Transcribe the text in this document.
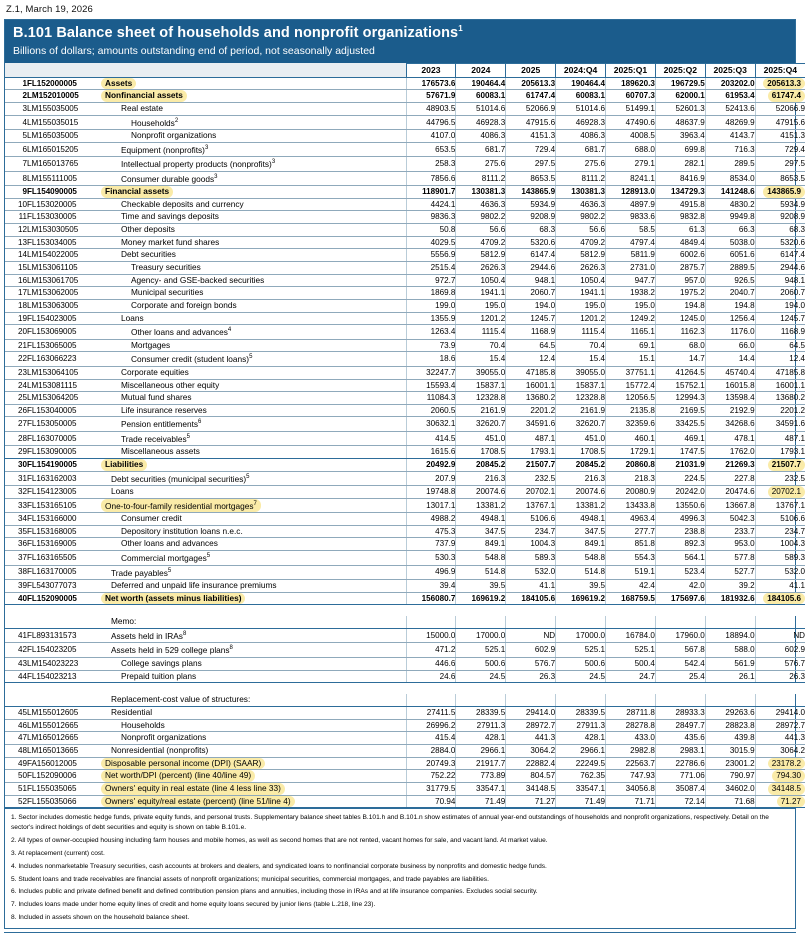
Z.1, March 19, 2026
B.101 Balance sheet of households and nonprofit organizations$^1$
Billions of dollars; amounts outstanding end of period, not seasonally adjusted
			2023	2024	2025	2024:Q4	2025:Q1	2025:Q2	2025:Q3	2025:Q4
1	FL152000005	Assets	176573.6	190464.4	205613.3	190464.4	189620.3	196729.5	203202.0	205613.3
2	LM152010005	Nonfinancial assets	57671.9	60083.1	61747.4	60083.1	60707.3	62000.1	61953.4	61747.4
3	LM155035005	Real estate	48903.5	51014.6	52066.9	51014.6	51499.1	52601.3	52413.6	52066.9
4	LM155035015	Households$^2$	44796.5	46928.3	47915.6	46928.3	47490.6	48637.9	48269.9	47915.6
5	LM165035005	Nonprofit organizations	4107.0	4086.3	4151.3	4086.3	4008.5	3963.4	4143.7	4151.3
6	LM165015205	Equipment (nonprofits)$^3$	653.5	681.7	729.4	681.7	688.0	699.8	716.3	729.4
7	LM165013765	Intellectual property products (nonprofits)$^3$	258.3	275.6	297.5	275.6	279.1	282.1	289.5	297.5
8	LM155111005	Consumer durable goods$^3$	7856.6	8111.2	8653.5	8111.2	8241.1	8416.9	8534.0	8653.5
9	FL154090005	Financial assets	118901.7	130381.3	143865.9	130381.3	128913.0	134729.3	141248.6	143865.9
10	FL153020005	Checkable deposits and currency	4424.1	4636.3	5934.9	4636.3	4897.9	4915.8	4830.2	5934.9
11	FL153030005	Time and savings deposits	9836.3	9802.2	9208.9	9802.2	9833.6	9832.8	9949.8	9208.9
12	LM153030505	Other deposits	50.8	56.6	68.3	56.6	58.5	61.3	66.3	68.3
13	FL153034005	Money market fund shares	4029.5	4709.2	5320.6	4709.2	4797.4	4849.4	5038.0	5320.6
14	LM154022005	Debt securities	5556.9	5812.9	6147.4	5812.9	5811.9	6002.6	6051.6	6147.4
15	LM153061105	Treasury securities	2515.4	2626.3	2944.6	2626.3	2731.0	2875.7	2889.5	2944.6
16	LM153061705	Agency- and GSE-backed securities	972.7	1050.4	948.1	1050.4	947.7	957.0	926.5	948.1
17	LM153062005	Municipal securities	1869.8	1941.1	2060.7	1941.1	1938.2	1975.2	2040.7	2060.7
18	LM153063005	Corporate and foreign bonds	199.0	195.0	194.0	195.0	195.0	194.8	194.8	194.0
19	FL154023005	Loans	1355.9	1201.2	1245.7	1201.2	1249.2	1245.0	1256.4	1245.7
20	FL153069005	Other loans and advances$^4$	1263.4	1115.4	1168.9	1115.4	1165.1	1162.3	1176.0	1168.9
21	FL153065005	Mortgages	73.9	70.4	64.5	70.4	69.1	68.0	66.0	64.5
22	FL163066223	Consumer credit (student loans)$^5$	18.6	15.4	12.4	15.4	15.1	14.7	14.4	12.4
23	LM153064105	Corporate equities	32247.7	39055.0	47185.8	39055.0	37751.1	41264.5	45740.4	47185.8
24	LM153081115	Miscellaneous other equity	15593.4	15837.1	16001.1	15837.1	15772.4	15752.1	16015.8	16001.1
25	LM153064205	Mutual fund shares	11084.3	12328.8	13680.2	12328.8	12056.5	12994.3	13598.4	13680.2
26	FL153040005	Life insurance reserves	2060.5	2161.9	2201.2	2161.9	2135.8	2169.5	2192.9	2201.2
27	FL153050005	Pension entitlements$^6$	30632.1	32620.7	34591.6	32620.7	32359.6	33425.5	34268.6	34591.6
28	FL163070005	Trade receivables$^5$	414.5	451.0	487.1	451.0	460.1	469.1	478.1	487.1
29	FL153090005	Miscellaneous assets	1615.6	1708.5	1793.1	1708.5	1729.1	1747.5	1762.0	1793.1
30	FL154190005	Liabilities	20492.9	20845.2	21507.7	20845.2	20860.8	21031.9	21269.3	21507.7
31	FL163162003	Debt securities (municipal securities)$^5$	207.9	216.3	232.5	216.3	218.3	224.5	227.8	232.5
32	FL154123005	Loans	19748.8	20074.6	20702.1	20074.6	20080.9	20242.0	20474.6	20702.1
33	FL153165105	One-to-four-family residential mortgages$^7$	13017.1	13381.2	13767.1	13381.2	13433.8	13550.6	13667.8	13767.1
34	FL153166000	Consumer credit	4988.2	4948.1	5106.6	4948.1	4963.4	4996.3	5042.3	5106.6
35	FL153168005	Depository institution loans n.e.c.	475.3	347.5	234.7	347.5	277.7	238.8	233.7	234.7
36	FL153169005	Other loans and advances	737.9	849.1	1004.3	849.1	851.8	892.3	953.0	1004.3
37	FL163165505	Commercial mortgages$^5$	530.3	548.8	589.3	548.8	554.3	564.1	577.8	589.3
38	FL163170005	Trade payables$^5$	496.9	514.8	532.0	514.8	519.1	523.4	527.7	532.0
39	FL543077073	Deferred and unpaid life insurance premiums	39.4	39.5	41.1	39.5	42.4	42.0	39.2	41.1
40	FL152090005	Net worth (assets minus liabilities)	156080.7	169619.2	184105.6	169619.2	168759.5	175697.6	181932.6	184105.6

		Memo:								
41	FL893131573	Assets held in IRAs$^8$	15000.0	17000.0	ND	17000.0	16784.0	17960.0	18894.0	ND
42	FL154023205	Assets held in 529 college plans$^8$	471.2	525.1	602.9	525.1	525.1	567.8	588.0	602.9
43	LM154023223	College savings plans	446.6	500.6	576.7	500.6	500.4	542.4	561.9	576.7
44	FL154023213	Prepaid tuition plans	24.6	24.5	26.3	24.5	24.7	25.4	26.1	26.3

		Replacement-cost value of structures:								
45	LM155012605	Residential	27411.5	28339.5	29414.0	28339.5	28711.8	28933.3	29263.6	29414.0
46	LM155012665	Households	26996.2	27911.3	28972.7	27911.3	28278.8	28497.7	28823.8	28972.7
47	LM165012665	Nonprofit organizations	415.4	428.1	441.3	428.1	433.0	435.6	439.8	441.3
48	LM165013665	Nonresidential (nonprofits)	2884.0	2966.1	3064.2	2966.1	2982.8	2983.1	3015.9	3064.2
49	FA156012005	Disposable personal income (DPI) (SAAR)	20749.3	21917.7	22882.4	22249.5	22563.7	22786.6	23001.2	23178.2
50	FL152090006	Net worth/DPI (percent) (line 40/line 49)	752.22	773.89	804.57	762.35	747.93	771.06	790.97	794.30
51	FL155035065	Owners' equity in real estate (line 4 less line 33)	31779.5	33547.1	34148.5	33547.1	34056.8	35087.4	34602.0	34148.5
52	FL155035066	Owners' equity/real estate (percent) (line 51/line 4)	70.94	71.49	71.27	71.49	71.71	72.14	71.68	71.27

1. Sector includes domestic hedge funds, private equity funds, and personal trusts. Supplementary balance sheet tables B.101.h and B.101.n show estimates of annual year-end outstandings of households and nonprofit organizations, respectively. Detail on the sector's indirect holdings of debt securities and equity is shown on table B.101.e.

2. All types of owner-occupied housing including farm houses and mobile homes, as well as second homes that are not rented, vacant homes for sale, and vacant land. At market value.

3. At replacement (current) cost.

4. Includes nonmarketable Treasury securities, cash accounts at brokers and dealers, and syndicated loans to nonfinancial corporate business by nonprofits and domestic hedge funds.

5. Student loans and trade receivables are financial assets of nonprofit organizations; municipal securities, commercial mortgages, and trade payables are liabilities.

6. Includes public and private defined benefit and defined contribution pension plans and annuities, including those in IRAs and at life insurance companies. Excludes social security.

7. Includes loans made under home equity lines of credit and home equity loans secured by junior liens (table L.218, line 23).

8. Included in assets shown on the household balance sheet.
